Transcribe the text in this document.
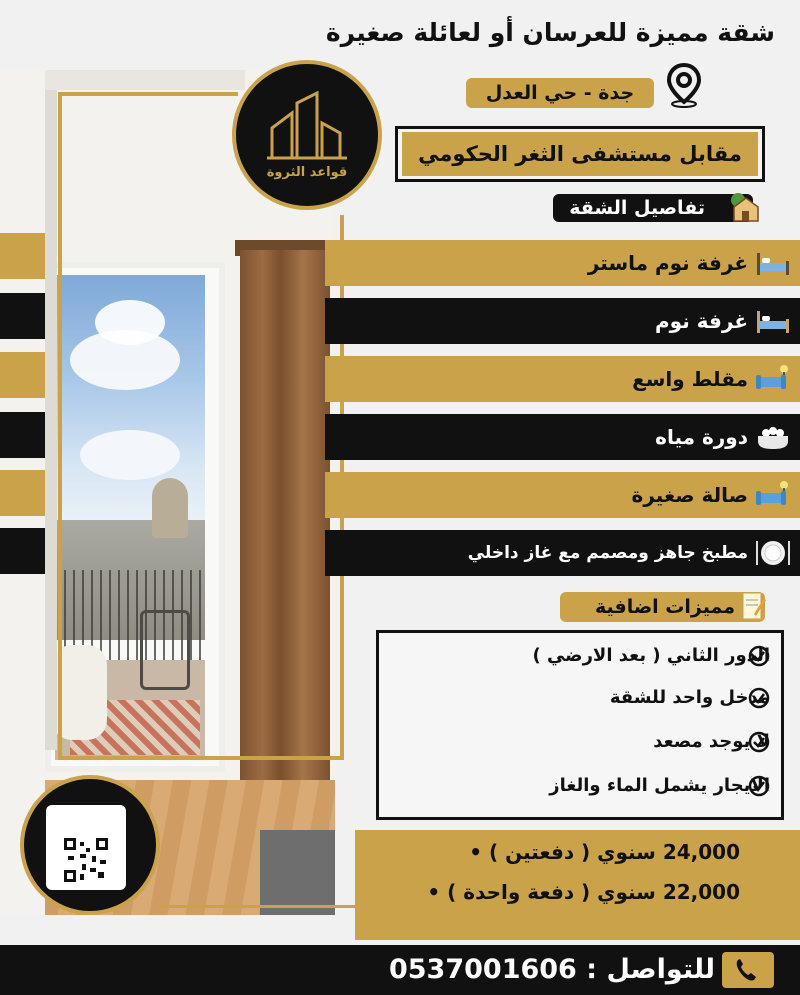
شقة مميزة للعرسان أو لعائلة صغيرة
جدة - حي العدل
مقابل مستشفى الثغر الحكومي
تفاصيل الشقة
غرفة نوم ماستر
غرفة نوم
مقلط واسع
دورة مياه
صالة صغيرة
مطبخ جاهز ومصمم مع غاز داخلي
مميزات اضافية
الدور الثاني ( بعد الارضي )
مدخل واحد للشقة
لا يوجد مصعد
الايجار يشمل الماء والغاز
24,000 سنوي ( دفعتين ) •
22,000 سنوي ( دفعة واحدة ) •
للتواصل : 0537001606
قواعد الثروة
